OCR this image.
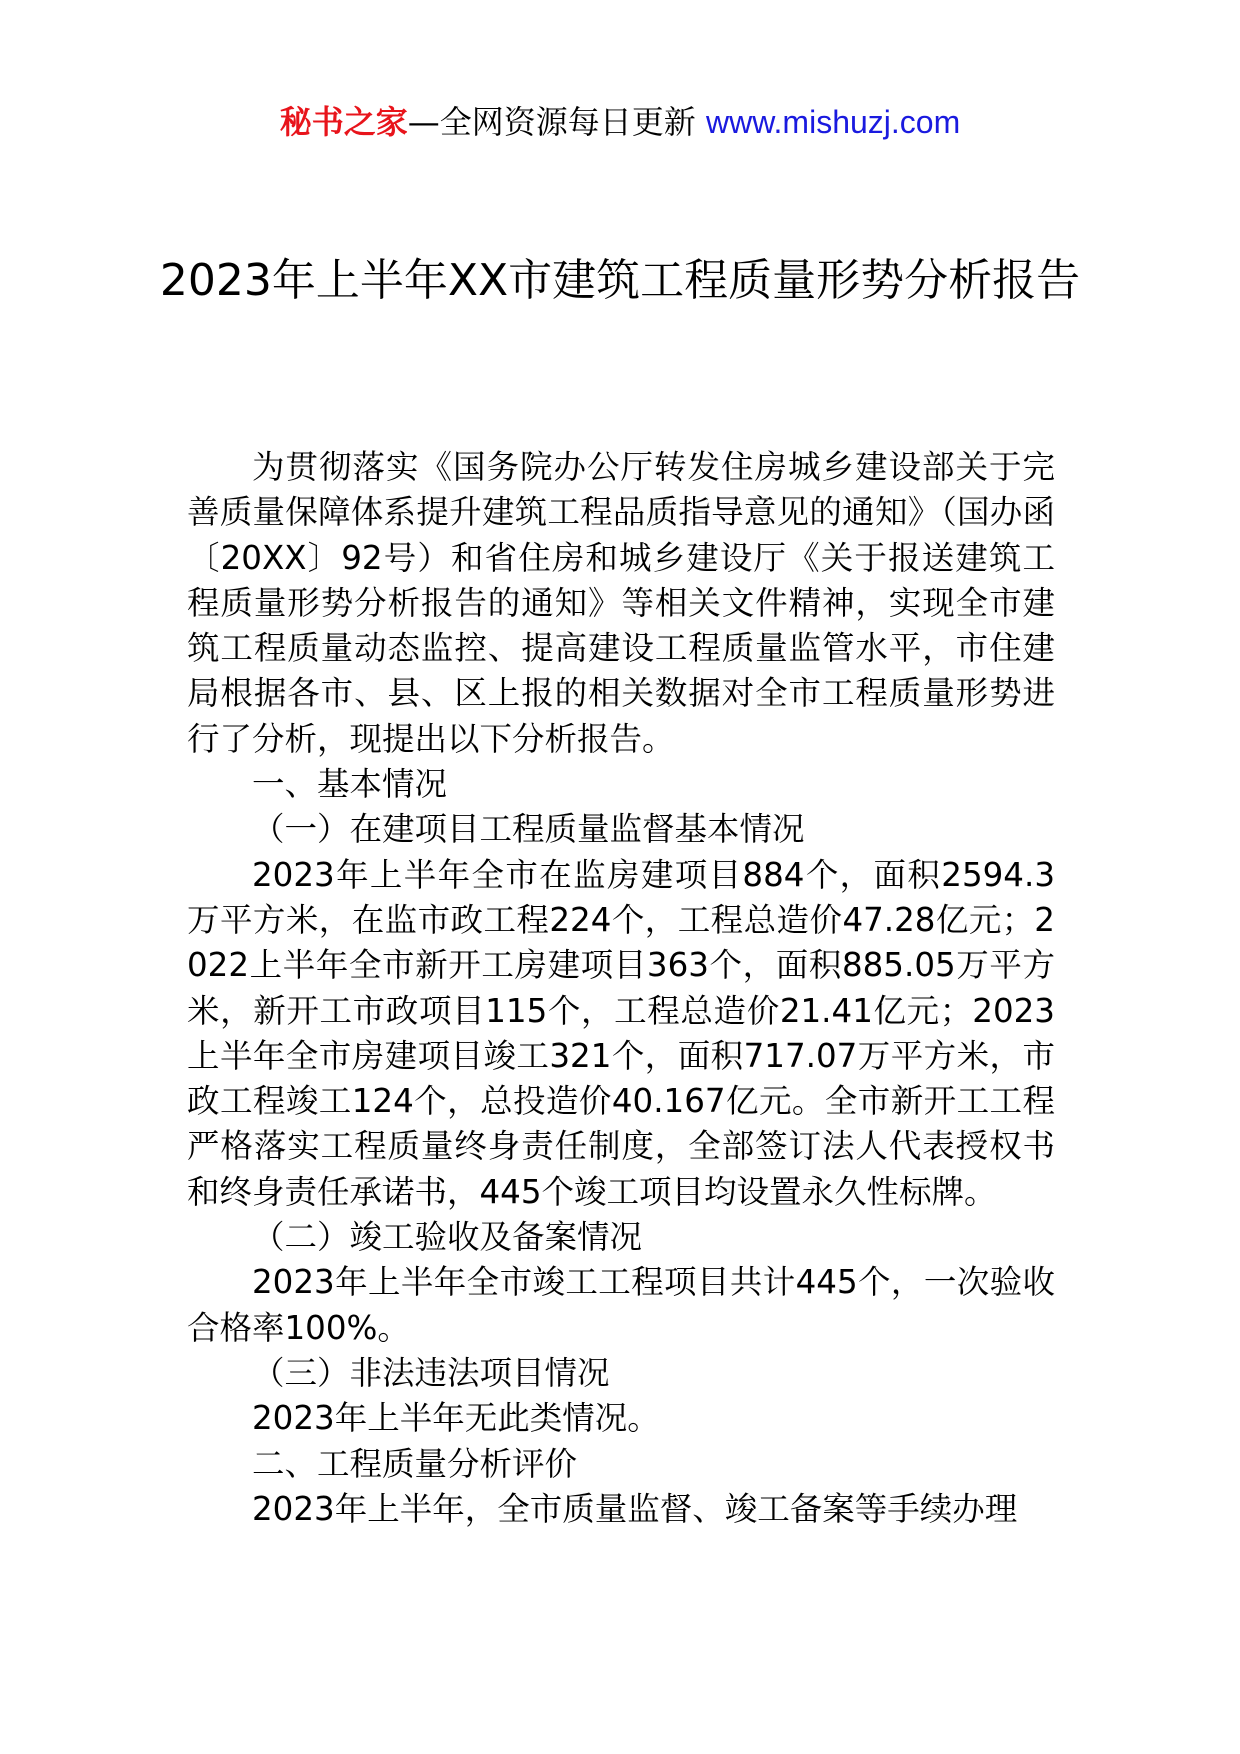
秘书之家—全网资源每日更新 www.mishuzj.com
2023年上半年XX市建筑工程质量形势分析报告

为贯彻落实《国务院办公厅转发住房城乡建设部关于完善质量保障体系提升建筑工程品质指导意见的通知》（国办函〔20XX〕92号）和省住房和城乡建设厅《关于报送建筑工程质量形势分析报告的通知》等相关文件精神，实现全市建筑工程质量动态监控、提高建设工程质量监管水平，市住建局根据各市、县、区上报的相关数据对全市工程质量形势进行了分析，现提出以下分析报告。

一、基本情况

（一）在建项目工程质量监督基本情况

2023年上半年全市在监房建项目884个，面积2594.3万平方米，在监市政工程224个，工程总造价47.28亿元；2022上半年全市新开工房建项目363个，面积885.05万平方米，新开工市政项目115个，工程总造价21.41亿元；2023上半年全市房建项目竣工321个，面积717.07万平方米，市政工程竣工124个，总投造价40.167亿元。全市新开工工程严格落实工程质量终身责任制度，全部签订法人代表授权书和终身责任承诺书，445个竣工项目均设置永久性标牌。

（二）竣工验收及备案情况

2023年上半年全市竣工工程项目共计445个，一次验收合格率100%。

（三）非法违法项目情况

2023年上半年无此类情况。

二、工程质量分析评价

2023年上半年，全市质量监督、竣工备案等手续办理
